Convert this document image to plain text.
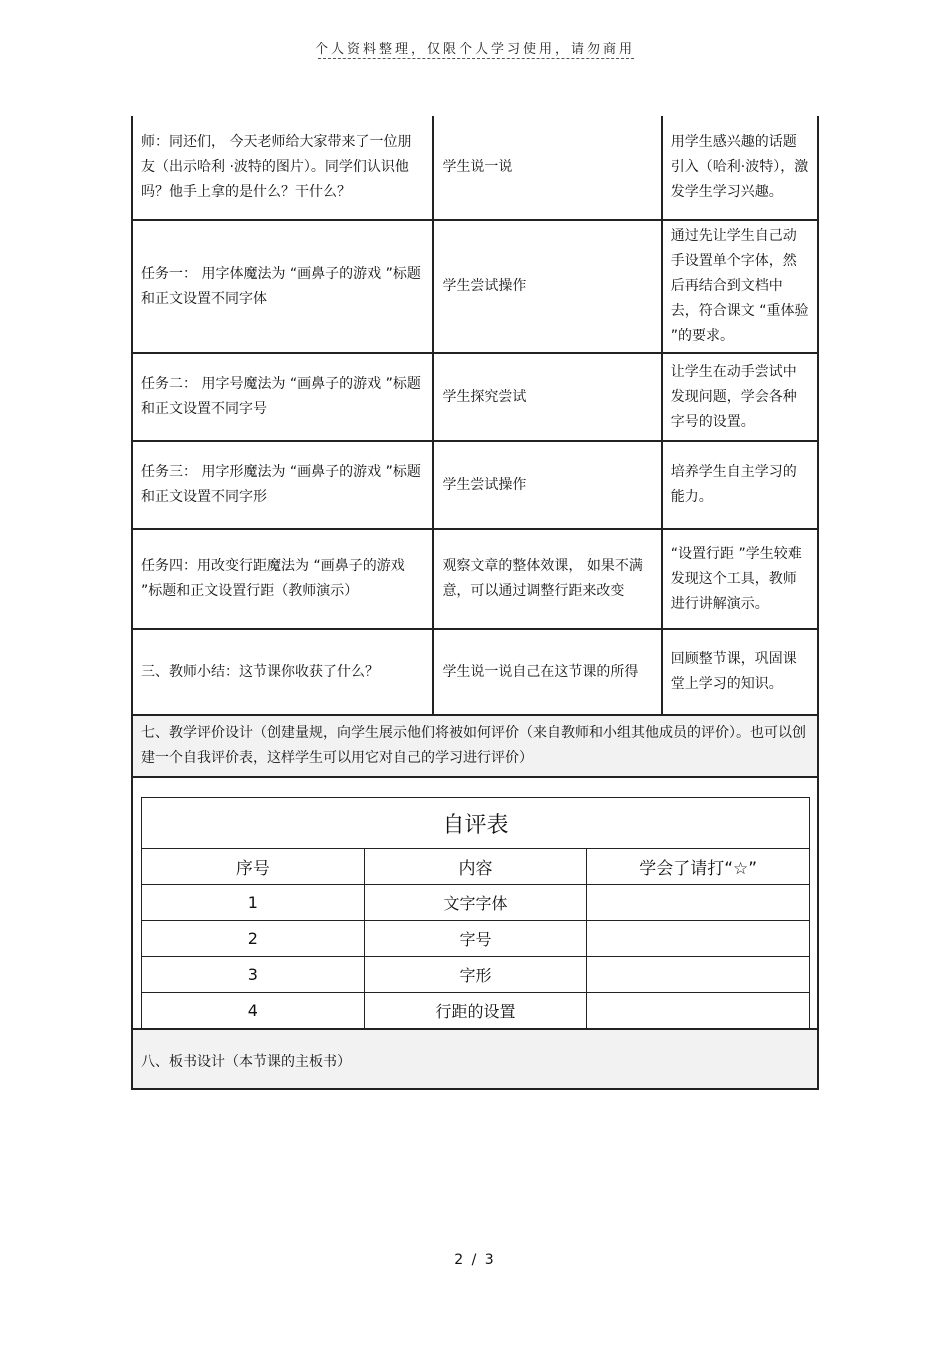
个人资料整理，仅限个人学习使用，请勿商用
师：同还们， 今天老师给大家带来了一位朋友（出示哈利 ·波特的图片）。同学们认识他吗？他手上拿的是什么？干什么？	学生说一说	用学生感兴趣的话题引入（哈利·波特），激发学生学习兴趣。
任务一： 用字体魔法为 “画鼻子的游戏 ”标题和正文设置不同字体	学生尝试操作	通过先让学生自己动手设置单个字体，然后再结合到文档中去，符合课文 “重体验 ”的要求。
任务二： 用字号魔法为 “画鼻子的游戏 ”标题和正文设置不同字号	学生探究尝试	让学生在动手尝试中发现问题，学会各种字号的设置。
任务三： 用字形魔法为 “画鼻子的游戏 ”标题和正文设置不同字形	学生尝试操作	培养学生自主学习的能力。
任务四：用改变行距魔法为 “画鼻子的游戏 ”标题和正文设置行距（教师演示）	观察文章的整体效课， 如果不满意，可以通过调整行距来改变	“设置行距 ”学生较难发现这个工具，教师进行讲解演示。
三、教师小结：这节课你收获了什么？	学生说一说自己在这节课的所得	回顾整节课，巩固课堂上学习的知识。
七、教学评价设计（创建量规，向学生展示他们将被如何评价（来自教师和小组其他成员的评价）。也可以创建一个自我评价表，这样学生可以用它对自己的学习进行评价）		
自评表		
序号	内容	学会了请打“☆”
1	文字字体	
2	字号	
3	字形	
4	行距的设置	
八、板书设计（本节课的主板书）
2 / 3
